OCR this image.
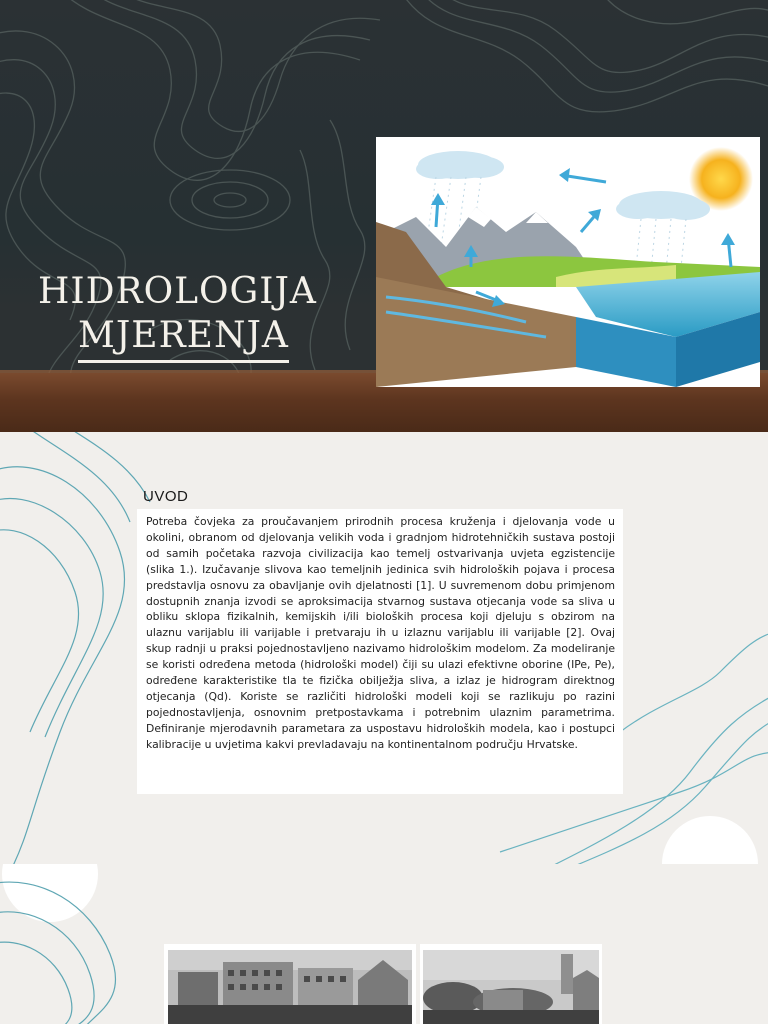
HIDROLOGIJA
MJERENJA
UVOD

Potreba čovjeka za proučavanjem prirodnih procesa kruženja i djelovanja vode u okolini, obranom od djelovanja velikih voda i gradnjom hidrotehničkih sustava postoji od samih početaka razvoja civilizacija kao temelj ostvarivanja uvjeta egzistencije (slika 1.). Izučavanje slivova kao temeljnih jedinica svih hidroloških pojava i procesa predstavlja osnovu za obavljanje ovih djelatnosti [1]. U suvremenom dobu primjenom dostupnih znanja izvodi se aproksimacija stvarnog sustava otjecanja vode sa sliva u obliku sklopa fizikalnih, kemijskih i/ili bioloških procesa koji djeluju s obzirom na ulaznu varijablu ili varijable i pretvaraju ih u izlaznu varijablu ili varijable [2]. Ovaj skup radnji u praksi pojednostavljeno nazivamo hidrološkim modelom. Za modeliranje se koristi određena metoda (hidrološki model) čiji su ulazi efektivne oborine (IPe, Pe), određene karakteristike tla te fizička obilježja sliva, a izlaz je hidrogram direktnog otjecanja (Qd). Koriste se različiti hidrološki modeli koji se razlikuju po razini pojednostavljenja, osnovnim pretpostavkama i potrebnim ulaznim parametrima. Definiranje mjerodavnih parametara za uspostavu hidroloških modela, kao i postupci kalibracije u uvjetima kakvi prevladavaju na kontinentalnom području Hrvatske.
